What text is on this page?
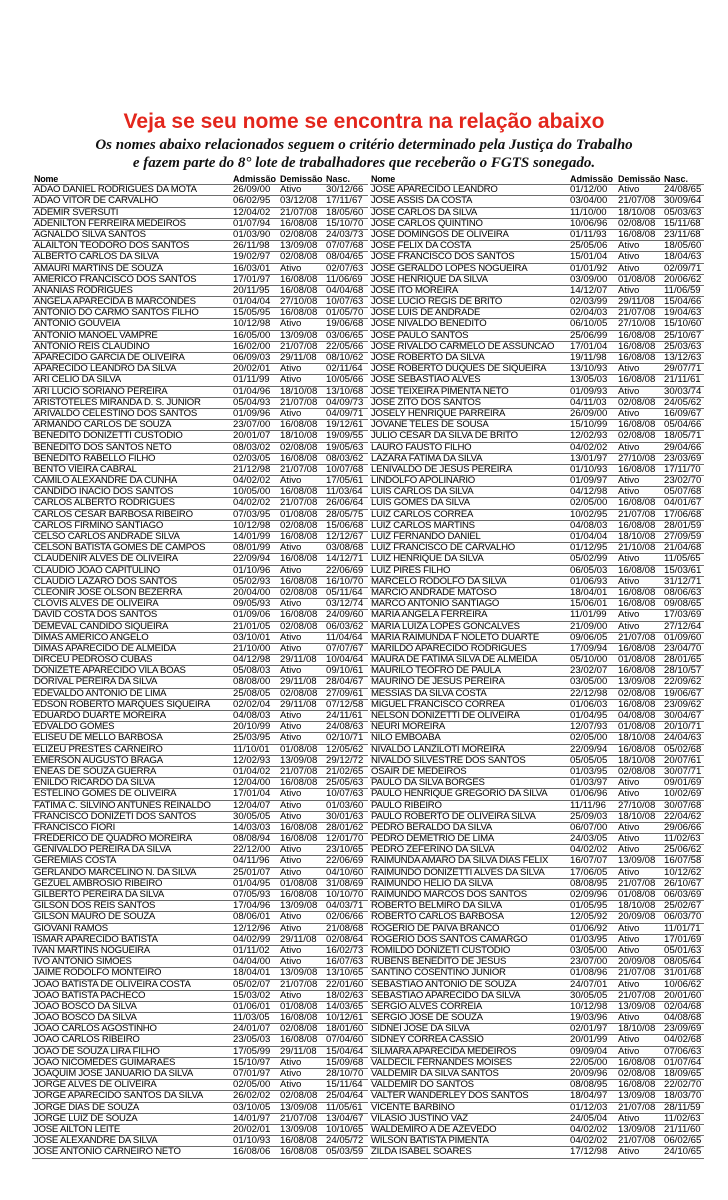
Veja se seu nome se encontra na relação abaixo
Os nomes abaixo relacionados seguem o critério determinado pela Justiça do Trabalho
e fazem parte do 8° lote de trabalhadores que receberão o FGTS sonegado.
Nome	Admissão Demissão Nasc.
ADAO DANIEL RODRIGUES DA MOTA	26/09/00	Ativo	30/12/66
ADAO VITOR DE CARVALHO	06/02/95	03/12/08 17/11/67
ADEMIR SVERSUTI	12/04/02	21/07/08 18/05/60
ADENILTON FERREIRA MEDEIROS	01/07/94	16/08/08 15/10/70
AGNALDO SILVA SANTOS	01/03/90	02/08/08 24/03/73
ALAILTON TEODORO DOS SANTOS	26/11/98	13/09/08 07/07/68
ALBERTO CARLOS DA SILVA	19/02/97	02/08/08 08/04/65
AMAURI MARTINS DE SOUZA	16/03/01	Ativo	02/07/63
AMERICO FRANCISCO DOS SANTOS	17/01/97	16/08/08 11/06/69
ANANIAS RODRIGUES	20/11/95	16/08/08 04/04/68
ANGELA APARECIDA B MARCONDES	01/04/04	27/10/08 10/07/63
ANTONIO DO CARMO SANTOS FILHO	15/05/95	16/08/08 01/05/70
ANTONIO GOUVEIA	10/12/98	Ativo	19/06/68
ANTONIO MANOEL VAMPRE	16/05/00	13/09/08 03/06/65
ANTONIO REIS CLAUDINO	16/02/00	21/07/08 22/05/66
APARECIDO GARCIA DE OLIVEIRA	06/09/03	29/11/08 08/10/62
APARECIDO LEANDRO DA SILVA	20/02/01	Ativo	02/11/64
ARI CELIO DA SILVA	01/11/99	Ativo	10/05/66
ARI LUCIO SORIANO PEREIRA	01/04/96	18/10/08 13/10/68
ARISTOTELES MIRANDA D. S. JUNIOR	05/04/93	21/07/08 04/09/73
ARIVALDO CELESTINO DOS SANTOS	01/09/96	Ativo	04/09/71
ARMANDO CARLOS DE SOUZA	23/07/00	16/08/08 19/12/61
BENEDITO DONIZETTI CUSTODIO	20/01/07	18/10/08 19/09/55
BENEDITO DOS SANTOS NETO	08/03/02	02/08/08 19/05/63
BENEDITO RABELLO FILHO	02/03/05	16/08/08 08/03/62
BENTO VIEIRA CABRAL	21/12/98	21/07/08 10/07/68
CAMILO ALEXANDRE DA CUNHA	04/02/02	Ativo	17/05/61
CANDIDO INACIO DOS SANTOS	10/05/00	16/08/08 11/03/64
CARLOS ALBERTO RODRIGUES	04/02/02	21/07/08 26/06/64
CARLOS CESAR BARBOSA RIBEIRO	07/03/95	01/08/08 28/05/75
CARLOS FIRMINO SANTIAGO	10/12/98	02/08/08 15/06/68
CELSO CARLOS ANDRADE SILVA	14/01/99	16/08/08 12/12/67
CELSON BATISTA GOMES DE CAMPOS	08/01/99	Ativo	03/08/68
CLAUDENIR ALVES DE OLIVEIRA	22/09/94	16/08/08 14/12/71
CLAUDIO JOAO CAPITULINO	01/10/96	Ativo	22/06/69
CLAUDIO LAZARO DOS SANTOS	05/02/93	16/08/08 16/10/70
CLEONIR JOSE OLSON BEZERRA	20/04/00	02/08/08 05/11/64
CLOVIS ALVES DE OLIVEIRA	09/05/93	Ativo	03/12/74
DAVID COSTA DOS SANTOS	01/09/06	16/08/08 24/09/60
DEMEVAL CANDIDO SIQUEIRA	21/01/05	02/08/08 06/03/62
DIMAS AMERICO ANGELO	03/10/01	Ativo	11/04/64
DIMAS APARECIDO DE ALMEIDA	21/10/00	Ativo	07/07/67
DIRCEU PEDROSO CUBAS	04/12/98	29/11/08 10/04/64
DONIZETE APARECIDO VILA BOAS	05/08/03	Ativo	09/10/61
DORIVAL PEREIRA DA SILVA	08/08/00	29/11/08 28/04/67
EDEVALDO ANTONIO DE LIMA	25/08/05	02/08/08 27/09/61
EDSON ROBERTO MARQUES SIQUEIRA	02/02/04	29/11/08 07/12/58
EDUARDO DUARTE MOREIRA	04/08/03	Ativo	24/11/61
EDVALDO GOMES	20/10/99	Ativo	24/08/63
ELISEU DE MELLO BARBOSA	25/03/95	Ativo	02/10/71
ELIZEU PRESTES CARNEIRO	11/10/01	01/08/08 12/05/62
EMERSON AUGUSTO BRAGA	12/02/93	13/09/08 29/12/72
ENEAS DE SOUZA GUERRA	01/04/02	21/07/08 21/02/65
ENILDO RICARDO DA SILVA	12/04/00	16/08/08 25/05/63
ESTELINO GOMES DE OLIVEIRA	17/01/04	Ativo	10/07/63
FATIMA C. SILVINO ANTUNES REINALDO	12/04/07	Ativo	01/03/60
FRANCISCO DONIZETI DOS SANTOS	30/05/05	Ativo	30/01/63
FRANCISCO FIORI	14/03/03	16/08/08 28/01/62
FREDERICO DE QUADRO MOREIRA	08/08/94	16/08/08 12/01/70
GENIVALDO PEREIRA DA SILVA	22/12/00	Ativo	23/10/65
GEREMIAS COSTA	04/11/96	Ativo	22/06/69
GERLANDO MARCELINO N. DA SILVA	25/01/07	Ativo	04/10/60
GEZUEL AMBROSIO RIBEIRO	01/04/95	01/08/08 31/08/69
GILBERTO PEREIRA DA SILVA	07/05/93	16/08/08 10/10/70
GILSON DOS REIS SANTOS	17/04/96	13/09/08 04/03/71
GILSON MAURO DE SOUZA	08/06/01	Ativo	02/06/66
GIOVANI RAMOS	12/12/96	Ativo	21/08/68
ISMAR APARECIDO BATISTA	04/02/99	29/11/08 02/08/64
IVAN MARTINS NOGUEIRA	01/11/02	Ativo	16/02/73
IVO ANTONIO SIMOES	04/04/00	Ativo	16/07/63
JAIME RODOLFO MONTEIRO	18/04/01	13/09/08 13/10/65
JOAO BATISTA DE OLIVEIRA COSTA	05/02/07	21/07/08 22/01/60
JOAO BATISTA PACHECO	15/03/02	Ativo	18/02/63
JOAO BOSCO DA SILVA	01/06/01	01/08/08 14/03/65
JOAO BOSCO DA SILVA	11/03/05	16/08/08 10/12/61
JOAO CARLOS AGOSTINHO	24/01/07	02/08/08 18/01/60
JOAO CARLOS RIBEIRO	23/05/03	16/08/08 07/04/60
JOAO DE SOUZA LIRA FILHO	17/05/99	29/11/08 15/04/64
JOAO NICOMEDES GUIMARAES	15/10/97	Ativo	15/09/68
JOAQUIM JOSE JANUARIO DA SILVA	07/01/97	Ativo	28/10/70
JORGE ALVES DE OLIVEIRA	02/05/00	Ativo	15/11/64
JORGE APARECIDO SANTOS DA SILVA	26/02/02	02/08/08 25/04/64
JORGE DIAS DE SOUZA	03/10/05	13/09/08 11/05/61
JORGE LUIZ DE SOUZA	14/01/97	21/07/08 13/04/67
JOSE AILTON LEITE	20/02/01	13/09/08 10/10/65
JOSE ALEXANDRE DA SILVA	01/10/93	16/08/08 24/05/72
JOSE ANTONIO CARNEIRO NETO	16/08/06	16/08/08 05/03/59
Nome	Admissão Demissão Nasc.
JOSE APARECIDO LEANDRO	01/12/00	Ativo	24/08/65
JOSE ASSIS DA COSTA	03/04/00	21/07/08 30/09/64
JOSE CARLOS DA SILVA	11/10/00	18/10/08 05/03/63
JOSE CARLOS QUINTINO	10/06/96	02/08/08 15/11/68
JOSE DOMINGOS DE OLIVEIRA	01/11/93	16/08/08 23/11/68
JOSE FELIX DA COSTA	25/05/06	Ativo	18/05/60
JOSE FRANCISCO DOS SANTOS	15/01/04	Ativo	18/04/63
JOSE GERALDO LOPES NOGUEIRA	01/01/92	Ativo	02/09/71
JOSE HENRIQUE DA SILVA	03/09/00	01/08/08 20/06/62
JOSE ITO MOREIRA	14/12/07	Ativo	11/06/59
JOSE LUCIO REGIS DE BRITO	02/03/99	29/11/08 15/04/66
JOSE LUIS DE ANDRADE	02/04/03	21/07/08 19/04/63
JOSE NIVALDO BENEDITO	06/10/05	27/10/08 15/10/60
JOSE PAULO SANTOS	25/06/99	16/08/08 25/10/67
JOSE RIVALDO CARMELO DE ASSUNCAO	17/01/04	16/08/08 25/03/63
JOSE ROBERTO DA SILVA	19/11/98	16/08/08 13/12/63
JOSE ROBERTO DUQUES DE SIQUEIRA	13/10/93	Ativo	29/07/71
JOSE SEBASTIAO ALVES	13/05/03	16/08/08 21/11/61
JOSE TEIXEIRA PIMENTA NETO	01/09/93	Ativo	30/03/74
JOSE ZITO DOS SANTOS	04/11/03	02/08/08 24/05/62
JOSELY HENRIQUE PARREIRA	26/09/00	Ativo	16/09/67
JOVANE TELES DE SOUSA	15/10/99	16/08/08 05/04/66
JULIO CESAR DA SILVA DE BRITO	12/02/93	02/08/08 18/05/71
LAURO FAUSTO FILHO	04/02/02	Ativo	29/04/66
LAZARA FATIMA DA SILVA	13/01/97	27/10/08 23/03/69
LENIVALDO DE JESUS PEREIRA	01/10/93	16/08/08 17/11/70
LINDOLFO APOLINARIO	01/09/97	Ativo	23/02/70
LUIS CARLOS DA SILVA	04/12/98	Ativo	05/07/68
LUIS GOMES DA SILVA	02/05/00	16/08/08 04/01/67
LUIZ CARLOS CORREA	10/02/95	21/07/08 17/06/68
LUIZ CARLOS MARTINS	04/08/03	16/08/08 28/01/59
LUIZ FERNANDO DANIEL	01/04/04	18/10/08 27/09/59
LUIZ FRANCISCO DE CARVALHO	01/12/95	21/10/08 21/04/68
LUIZ HENRIQUE DA SILVA	05/02/99	Ativo	11/05/65
LUIZ PIRES FILHO	06/05/03	16/08/08 15/03/61
MARCELO RODOLFO DA SILVA	01/06/93	Ativo	31/12/71
MARCIO ANDRADE MATOSO	18/04/01	16/08/08 08/06/63
MARCO ANTONIO SANTIAGO	15/06/01	16/08/08 09/08/65
MARIA ANGELA FERREIRA	11/01/99	Ativo	17/03/69
MARIA LUIZA LOPES GONCALVES	21/09/00	Ativo	27/12/64
MARIA RAIMUNDA F NOLETO DUARTE	09/06/05	21/07/08 01/09/60
MARILDO APARECIDO RODRIGUES	17/09/94	16/08/08 23/04/70
MAURA DE FATIMA SILVA DE ALMEIDA	05/10/00	01/08/08 28/01/65
MAURILO TEOFRO DE PAULA	23/02/07	16/08/08 28/10/57
MAURINO DE JESUS PEREIRA	03/05/00	13/09/08 22/09/62
MESSIAS DA SILVA COSTA	22/12/98	02/08/08 19/06/67
MIGUEL FRANCISCO CORREA	01/06/03	16/08/08 23/09/62
NELSON DONIZETTI DE OLIVEIRA	01/04/95	04/08/08 30/04/67
NEURI MOREIRA	12/07/93	01/08/08 20/10/71
NILO EMBOABA	02/05/00	18/10/08 24/04/63
NIVALDO LANZILOTI MOREIRA	22/09/94	16/08/08 05/02/68
NIVALDO SILVESTRE DOS SANTOS	05/05/05	18/10/08 20/07/61
OSAIR DE MEDEIROS	01/03/95	02/08/08 30/07/71
PAULO DA SILVA BORGES	01/03/97	Ativo	09/01/69
PAULO HENRIQUE GREGORIO DA SILVA	01/06/96	Ativo	10/02/69
PAULO RIBEIRO	11/11/96	27/10/08 30/07/68
PAULO ROBERTO DE OLIVEIRA SILVA	25/09/03	18/10/08 22/04/62
PEDRO BERALDO DA SILVA	06/07/00	Ativo	29/06/66
PEDRO DEMETRIO DE LIMA	24/03/05	Ativo	11/02/63
PEDRO ZEFERINO DA SILVA	04/02/02	Ativo	25/06/62
RAIMUNDA AMARO DA SILVA DIAS FELIX	16/07/07	13/09/08 16/07/58
RAIMUNDO DONIZETTI ALVES DA SILVA	17/06/05	Ativo	10/12/62
RAIMUNDO HELIO DA SILVA	08/08/95	21/07/08 26/10/67
RAIMUNDO MARCOS DOS SANTOS	02/09/96	01/08/08 06/03/69
ROBERTO BELMIRO DA SILVA	01/05/95	18/10/08 25/02/67
ROBERTO CARLOS BARBOSA	12/05/92	20/09/08 06/03/70
ROGERIO DE PAIVA BRANCO	01/06/92	Ativo	11/01/71
ROGERIO DOS SANTOS CAMARGO	01/03/95	Ativo	17/01/69
ROMILDO DONIZETI CUSTODIO	03/05/00	Ativo	05/01/63
RUBENS BENEDITO DE JESUS	23/07/00	20/09/08 08/05/64
SANTINO COSENTINO JUNIOR	01/08/96	21/07/08 31/01/68
SEBASTIAO ANTONIO DE SOUZA	24/07/01	Ativo	10/06/62
SEBASTIAO APARECIDO DA SILVA	30/05/05	21/07/08 20/01/60
SERGIO ALVES CORREIA	10/12/98	13/09/08 02/04/68
SERGIO JOSE DE SOUZA	19/03/96	Ativo	04/08/68
SIDNEI JOSE DA SILVA	02/01/97	18/10/08 23/09/69
SIDNEY CORREA CASSIO	20/01/99	Ativo	04/02/68
SILMARA APARECIDA MEDEIROS	09/09/04	Ativo	07/06/63
VALDECIL FERNANDES MOISES	22/05/00	16/08/08 01/07/64
VALDEMIR DA SILVA SANTOS	20/09/96	02/08/08 18/09/65
VALDEMIR DO SANTOS	08/08/95	16/08/08 22/02/70
VALTER WANDERLEY DOS SANTOS	18/04/97	13/09/08 18/03/70
VICENTE BARBINO	01/12/03	21/07/08 28/11/59
VILASIO JUSTINO VAZ	24/05/04	Ativo	11/02/63
WALDEMIRO A DE AZEVEDO	04/02/02	13/09/08 21/11/60
WILSON BATISTA PIMENTA	04/02/02	21/07/08 06/02/65
ZILDA ISABEL SOARES	17/12/98	Ativo	24/10/65
